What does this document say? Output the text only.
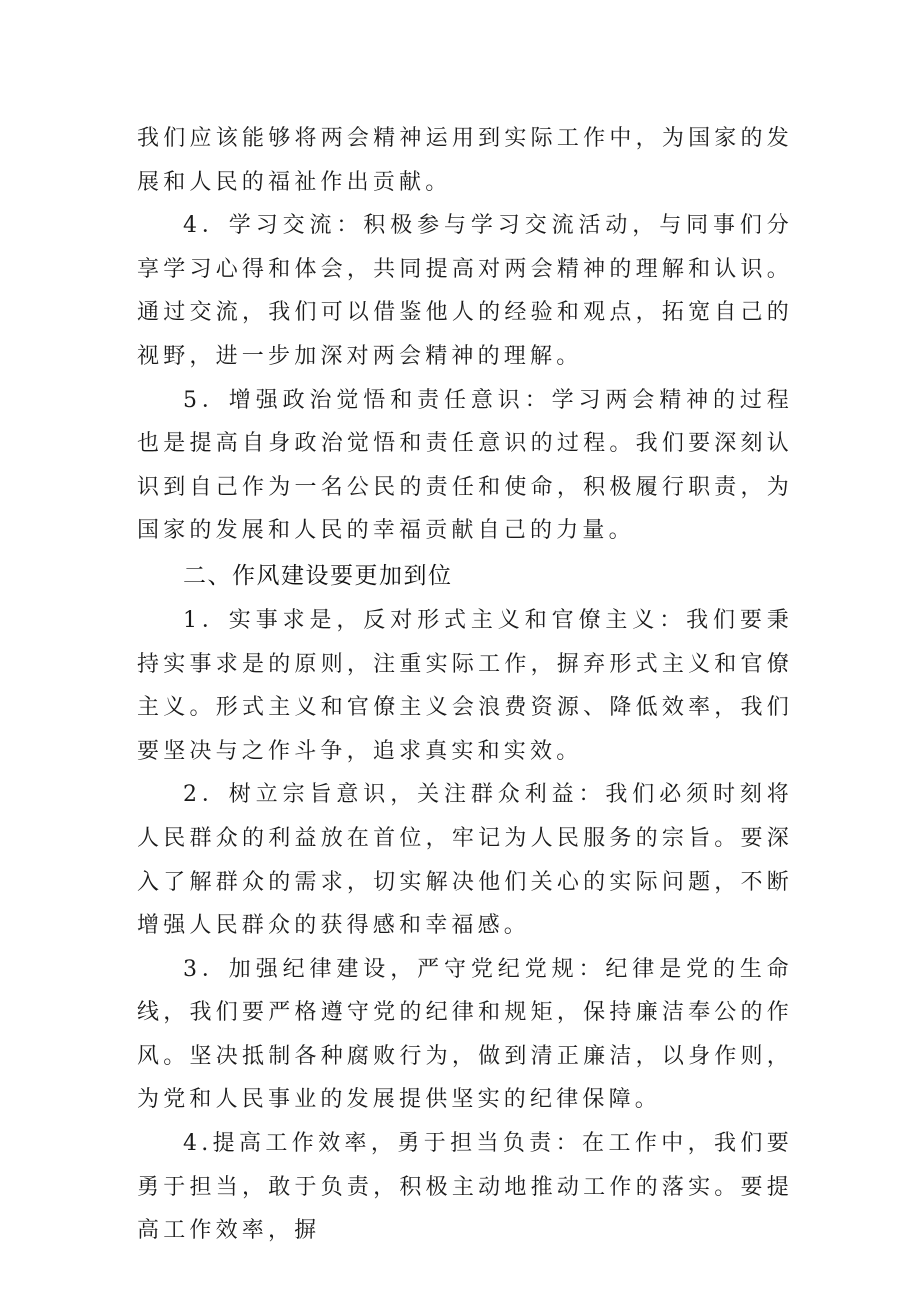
我们应该能够将两会精神运用到实际工作中，为国家的发展和人民的福祉作出贡献。

4．学习交流：积极参与学习交流活动，与同事们分享学习心得和体会，共同提高对两会精神的理解和认识。通过交流，我们可以借鉴他人的经验和观点，拓宽自己的视野，进一步加深对两会精神的理解。

5．增强政治觉悟和责任意识：学习两会精神的过程也是提高自身政治觉悟和责任意识的过程。我们要深刻认识到自己作为一名公民的责任和使命，积极履行职责，为国家的发展和人民的幸福贡献自己的力量。

二、作风建设要更加到位

1．实事求是，反对形式主义和官僚主义：我们要秉持实事求是的原则，注重实际工作，摒弃形式主义和官僚主义。形式主义和官僚主义会浪费资源、降低效率，我们要坚决与之作斗争，追求真实和实效。

2．树立宗旨意识，关注群众利益：我们必须时刻将人民群众的利益放在首位，牢记为人民服务的宗旨。要深入了解群众的需求，切实解决他们关心的实际问题，不断增强人民群众的获得感和幸福感。

3．加强纪律建设，严守党纪党规：纪律是党的生命线，我们要严格遵守党的纪律和规矩，保持廉洁奉公的作风。坚决抵制各种腐败行为，做到清正廉洁，以身作则，为党和人民事业的发展提供坚实的纪律保障。

4.提高工作效率，勇于担当负责：在工作中，我们要勇于担当，敢于负责，积极主动地推动工作的落实。要提高工作效率，摒
